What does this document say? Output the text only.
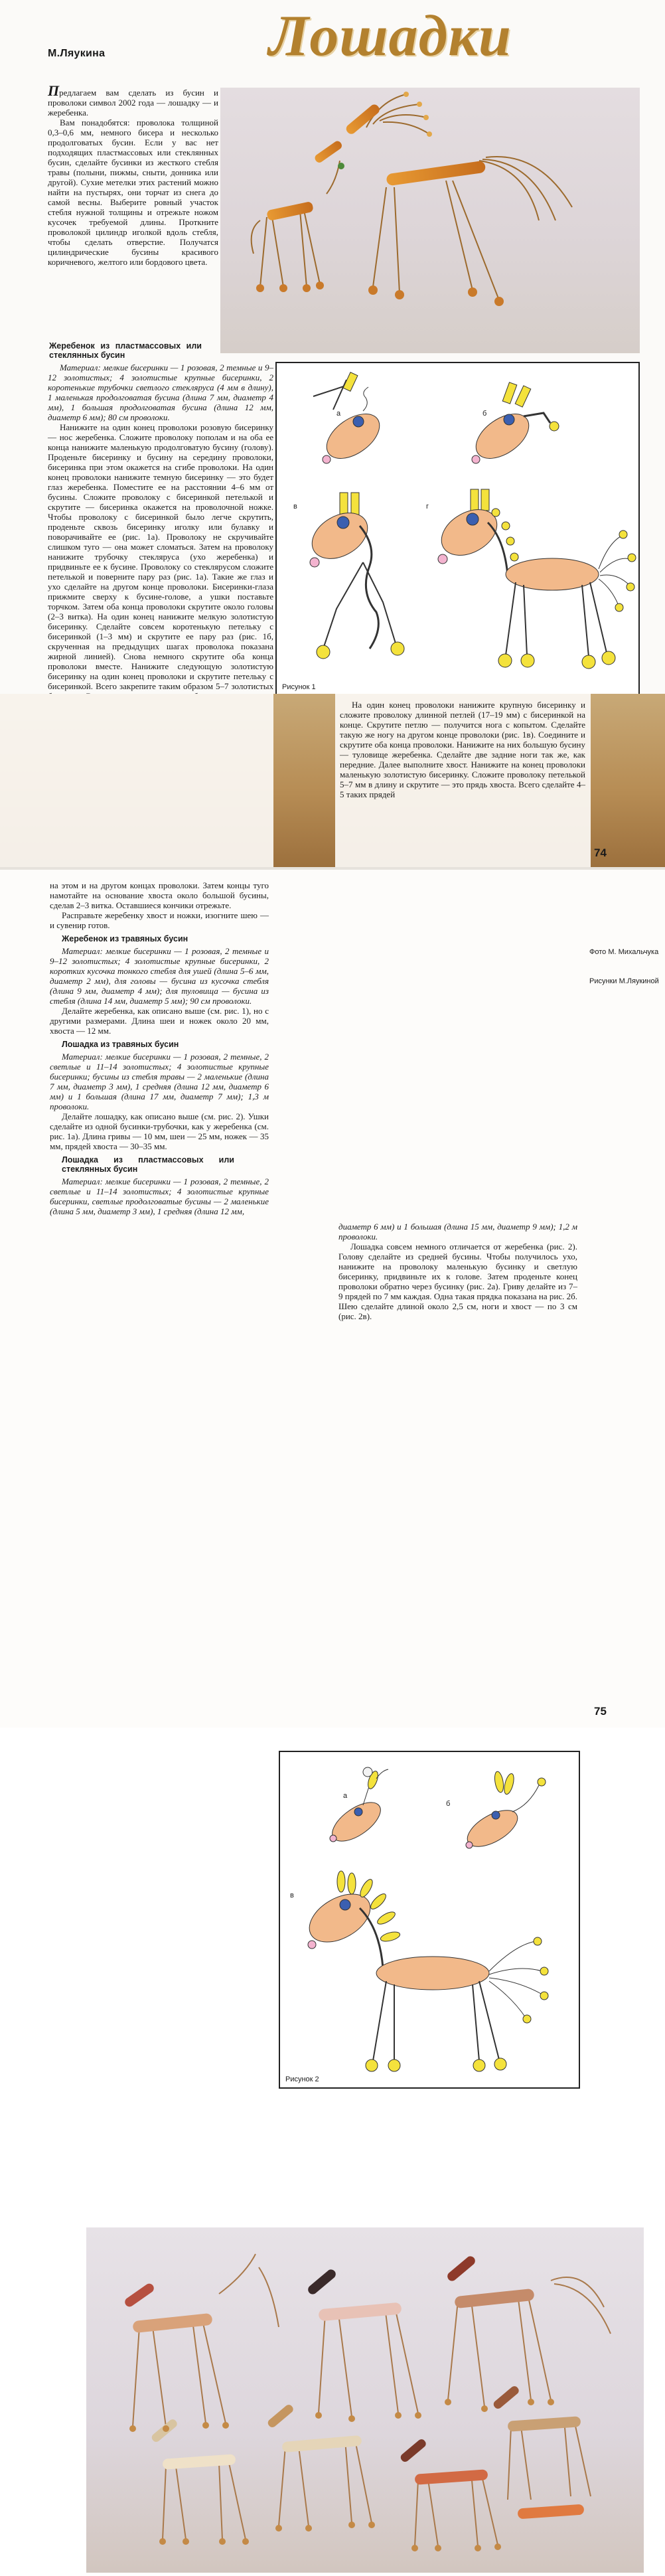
Лошадки
М.Ляукина

Предлагаем вам сделать из бусин и проволоки символ 2002 года — лошадку — и жеребенка.

Вам понадобятся: проволока толщиной 0,3–0,6 мм, немного бисера и несколько продолговатых бусин. Если у вас нет подходящих пластмассовых или стеклянных бусин, сделайте бусинки из жесткого стебля травы (полыни, пижмы, сныти, донника или другой). Сухие метелки этих растений можно найти на пустырях, они торчат из снега до самой весны. Выберите ровный участок стебля нужной толщины и отрежьте ножом кусочек требуемой длины. Проткните проволокой цилиндр иголкой вдоль стебля, чтобы сделать отверстие. Получатся цилиндрические бусины красивого коричневого, желтого или бордового цвета.

Жеребенок из пластмассовых или стеклянных бусин

Материал: мелкие бисеринки — 1 розовая, 2 темные и 9–12 золотистых; 4 золотистые крупные бисеринки, 2 коротенькие трубочки светлого стекляруса (4 мм в длину), 1 маленькая продолговатая бусина (длина 7 мм, диаметр 4 мм), 1 большая продолговатая бусина (длина 12 мм, диаметр 6 мм); 80 см проволоки.

Нанижите на один конец проволоки розовую бисеринку — нос жеребенка. Сложите проволоку пополам и на оба ее конца нанижите маленькую продолговатую бусину (голову). Проденьте бисеринку и бусину на середину проволоки, бисеринка при этом окажется на сгибе проволоки. На один конец проволоки нанижите темную бисеринку — это будет глаз жеребенка. Поместите ее на расстоянии 4–6 мм от бусины. Сложите проволоку с бисеринкой петелькой и скрутите — бисеринка окажется на проволочной ножке. Чтобы проволоку с бисеринкой было легче скрутить, проденьте сквозь бисеринку иголку или булавку и поворачивайте ее (рис. 1а). Проволоку не скручивайте слишком туго — она может сломаться. Затем на проволоку нанижите трубочку стекляруса (ухо жеребенка) и придвиньте ее к бусине. Проволоку со стеклярусом сложите петелькой и поверните пару раз (рис. 1а). Такие же глаз и ухо сделайте на другом конце проволоки. Бисеринки-глаза прижмите сверху к бусине-голове, а ушки поставьте торчком. Затем оба конца проволоки скрутите около головы (2–3 витка). На один конец нанижите мелкую золотистую бисеринку. Сделайте совсем коротенькую петельку с бисеринкой (1–3 мм) и скрутите ее пару раз (рис. 1б, скрученная на предыдущих шагах проволока показана жирной линией). Снова немного скрутите оба конца проволоки вместе. Нанижите следующую золотистую бисеринку на один конец проволоки и скрутите петельку с бисеринкой. Всего закрепите таким образом 5–7 золотистых

а	б
в	г
Рисунок 1

На один конец проволоки нанижите крупную бисеринку и сложите проволоку длинной петлей (17–19 мм) с бисеринкой на конце. Скрутите петлю — получится нога с копытом. Сделайте такую же ногу на другом конце проволоки (рис. 1в). Соедините и скрутите оба конца проволоки. Нанижите на них большую бусину — туловище жеребенка. Сделайте две задние ноги так же, как передние. Далее выполните хвост. Нанижите на конец проволоки маленькую золотистую бисеринку. Сложите проволоку петелькой 5–7 мм в длину и скрутите — это прядь хвоста. Всего сделайте 4–5 таких прядей

74

на этом и на другом концах проволоки. Затем концы туго намотайте на основание хвоста около большой бусины, сделав 2–3 витка. Оставшиеся кончики отрежьте.

Расправьте жеребенку хвост и ножки, изогните шею — и сувенир готов.

Жеребенок из травяных бусин

Материал: мелкие бисеринки — 1 розовая, 2 темные и 9–12 золотистых; 4 золотистые крупные бисеринки, 2 коротких кусочка тонкого стебля для ушей (длина 5–6 мм, диаметр 2 мм), для головы — бусина из кусочка стебля (длина 9 мм, диаметр 4 мм); для туловища — бусина из стебля (длина 14 мм, диаметр 5 мм); 90 см проволоки.

Делайте жеребенка, как описано выше (см. рис. 1), но с другими размерами. Длина шеи и ножек около 20 мм, хвоста — 12 мм.

Лошадка из травяных бусин

Материал: мелкие бисеринки — 1 розовая, 2 темные, 2 светлые и 11–14 золотистых; 4 золотистые крупные бисеринки; бусины из стебля травы — 2 маленькие (длина 7 мм, диаметр 3 мм), 1 средняя (длина 12 мм, диаметр 6 мм) и 1 большая (длина 17 мм, диаметр 7 мм); 1,3 м проволоки.

Делайте лошадку, как описано выше (см. рис. 2). Ушки сделайте из одной бусинки-трубочки, как у жеребенка (см. рис. 1а). Длина гривы — 10 мм, шеи — 25 мм, ножек — 35 мм, прядей хвоста — 30–35 мм.

Лошадка из пластмассовых или стеклянных бусин

Материал: мелкие бисеринки — 1 розовая, 2 темные, 2 светлые и 11–14 золотистых; 4 золотистые крупные бисеринки, светлые продолговатые бусины — 2 маленькие (длина 5 мм, диаметр 3 мм), 1 средняя (длина 12 мм,

а
б
в
Рисунок 2
Фото М. Михальчука
Рисунки М.Ляукиной

диаметр 6 мм) и 1 большая (длина 15 мм, диаметр 9 мм); 1,2 м проволоки.

Лошадка совсем немного отличается от жеребенка (рис. 2). Голову сделайте из средней бусины. Чтобы получилось ухо, нанижите на проволоку маленькую бусинку и светлую бисеринку, придвиньте их к голове. Затем проденьте конец проволоки обратно через бусинку (рис. 2а). Гриву делайте из 7–9 прядей по 7 мм каждая. Одна такая прядка показана на рис. 2б. Шею сделайте длиной около 2,5 см, ноги и хвост — по 3 см (рис. 2в).

75
